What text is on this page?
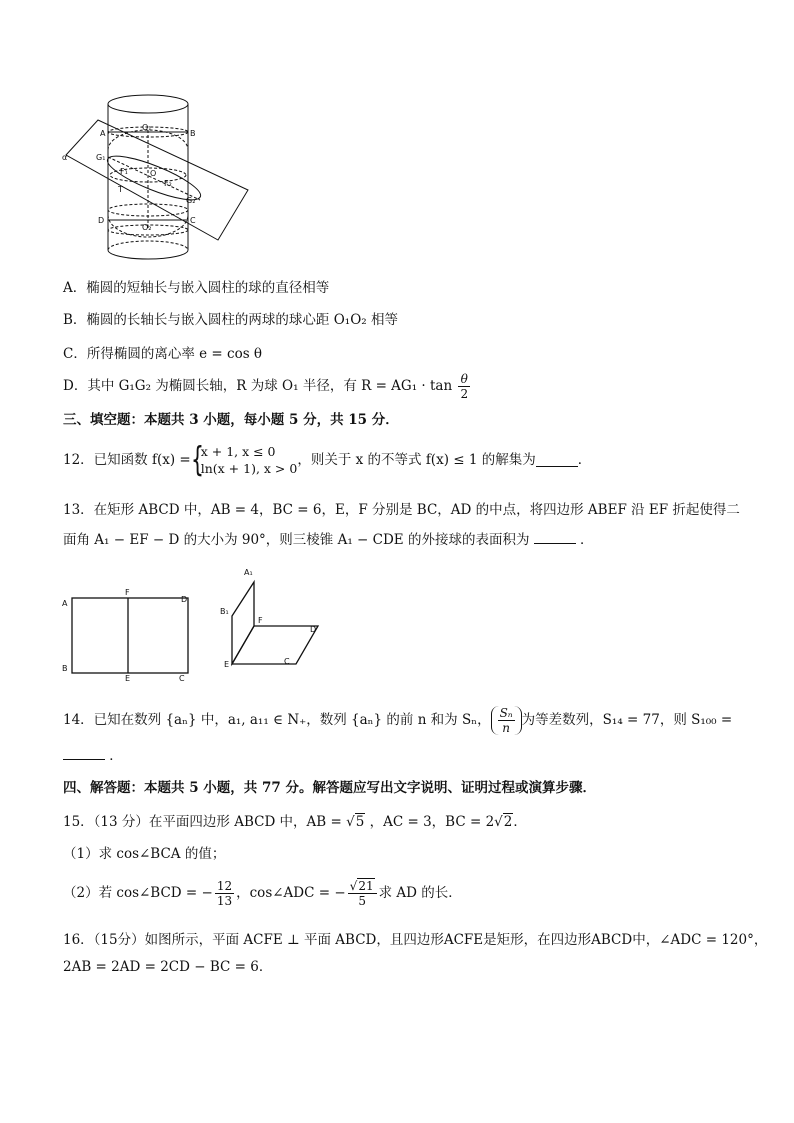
α
A	B
O₁
G₁
F₁	O
F₂
T
G₂
D	C
O₂
A．椭圆的短轴长与嵌入圆柱的球的直径相等
B．椭圆的长轴长与嵌入圆柱的两球的球心距 O₁O₂ 相等
C．所得椭圆的离心率 e = cos θ
D．其中 G₁G₂ 为椭圆长轴，R 为球 O₁ 半径，有 $R = AG_1 \cdot \tan \frac{\theta}{2}$
三、填空题：本题共 3 小题，每小题 5 分，共 15 分．
12．已知函数 f(x) = {
x + 1, x ≤ 0
ln(x + 1), x > 0
，则关于 x 的不等式 f(x) ≤ 1 的解集为	．
13．在矩形 ABCD 中，AB = 4，BC = 6，E，F 分别是 BC，AD 的中点，将四边形 ABEF 沿 EF 折起使得二
面角 A₁ − EF − D 的大小为 90°，则三棱锥 A₁ − CDE 的外接球的表面积为	．
A
F
D
B
E	C
A₁
B₁
F
D
E	C
14．已知在数列 {aₙ} 中，a₁, a₁₁ ∈ N₊，数列 {aₙ} 的前 n 和为 Sₙ， $\frac{\text{Sₙ}}{n}$ 为等差数列，S₁₄ = 77，则 S₁₀₀ =
．
四、解答题：本题共 5 小题，共 77 分。解答题应写出文字说明、证明过程或演算步骤．
15．（13 分）在平面四边形 ABCD 中，AB = √5 ，AC = 3，BC = 2√2．
（1）求 cos∠BCA 的值；
（2）若 cos∠BCD = − $\frac{12}{13}$ ，cos∠ADC = − $\frac{√21}{5}$ 求 AD 的长．
16．（15分）如图所示，平面 ACFE ⊥ 平面 ABCD，且四边形ACFE是矩形，在四边形ABCD中，∠ADC = 120°，
2AB = 2AD = 2CD − BC = 6．
